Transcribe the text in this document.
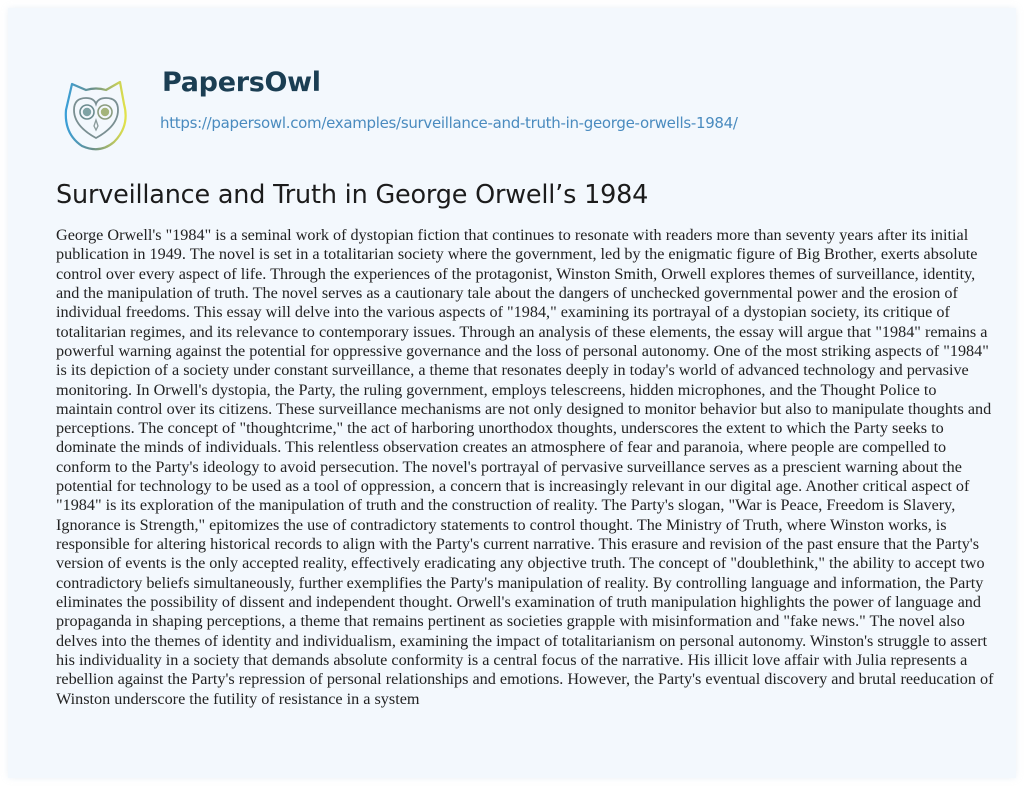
PapersOwl
https://papersowl.com/examples/surveillance-and-truth-in-george-orwells-1984/
Surveillance and Truth in George Orwell’s 1984
George Orwell's "1984" is a seminal work of dystopian fiction that continues to resonate with readers more than seventy years after its initial
publication in 1949. The novel is set in a totalitarian society where the government, led by the enigmatic figure of Big Brother, exerts absolute
control over every aspect of life. Through the experiences of the protagonist, Winston Smith, Orwell explores themes of surveillance, identity,
and the manipulation of truth. The novel serves as a cautionary tale about the dangers of unchecked governmental power and the erosion of
individual freedoms. This essay will delve into the various aspects of "1984," examining its portrayal of a dystopian society, its critique of
totalitarian regimes, and its relevance to contemporary issues. Through an analysis of these elements, the essay will argue that "1984" remains a
powerful warning against the potential for oppressive governance and the loss of personal autonomy. One of the most striking aspects of "1984"
is its depiction of a society under constant surveillance, a theme that resonates deeply in today's world of advanced technology and pervasive
monitoring. In Orwell's dystopia, the Party, the ruling government, employs telescreens, hidden microphones, and the Thought Police to
maintain control over its citizens. These surveillance mechanisms are not only designed to monitor behavior but also to manipulate thoughts and
perceptions. The concept of "thoughtcrime," the act of harboring unorthodox thoughts, underscores the extent to which the Party seeks to
dominate the minds of individuals. This relentless observation creates an atmosphere of fear and paranoia, where people are compelled to
conform to the Party's ideology to avoid persecution. The novel's portrayal of pervasive surveillance serves as a prescient warning about the
potential for technology to be used as a tool of oppression, a concern that is increasingly relevant in our digital age. Another critical aspect of
"1984" is its exploration of the manipulation of truth and the construction of reality. The Party's slogan, "War is Peace, Freedom is Slavery,
Ignorance is Strength," epitomizes the use of contradictory statements to control thought. The Ministry of Truth, where Winston works, is
responsible for altering historical records to align with the Party's current narrative. This erasure and revision of the past ensure that the Party's
version of events is the only accepted reality, effectively eradicating any objective truth. The concept of "doublethink," the ability to accept two
contradictory beliefs simultaneously, further exemplifies the Party's manipulation of reality. By controlling language and information, the Party
eliminates the possibility of dissent and independent thought. Orwell's examination of truth manipulation highlights the power of language and
propaganda in shaping perceptions, a theme that remains pertinent as societies grapple with misinformation and "fake news." The novel also
delves into the themes of identity and individualism, examining the impact of totalitarianism on personal autonomy. Winston's struggle to assert
his individuality in a society that demands absolute conformity is a central focus of the narrative. His illicit love affair with Julia represents a
rebellion against the Party's repression of personal relationships and emotions. However, the Party's eventual discovery and brutal reeducation of
Winston underscore the futility of resistance in a system
